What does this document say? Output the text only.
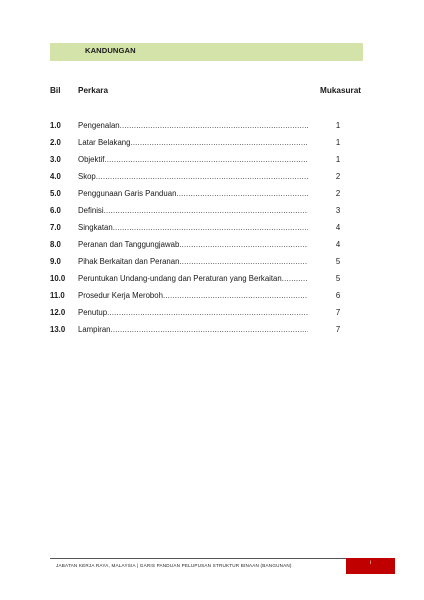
KANDUNGAN
Bil Perkara	Mukasurat
1.0 Pengenalan .....	1
2.0 Latar Belakang .....	1
3.0 Objektif .....	1
4.0 Skop .....	2
5.0 Penggunaan Garis Panduan .....	2
6.0 Definisi .....	3
7.0 Singkatan .....	4
8.0 Peranan dan Tanggungjawab .....	4
9.0 Pihak Berkaitan dan Peranan .....	5
10.0 Peruntukan Undang-undang dan Peraturan yang Berkaitan .....	5
11.0 Prosedur Kerja Meroboh .....	6
12.0 Penutup .....	7
13.0 Lampiran .....	7
JABATAN KERJA RAYA, MALAYSIA | GARIS PANDUAN PELUPUSAN STRUKTUR BINAAN (BANGUNAN)	i
